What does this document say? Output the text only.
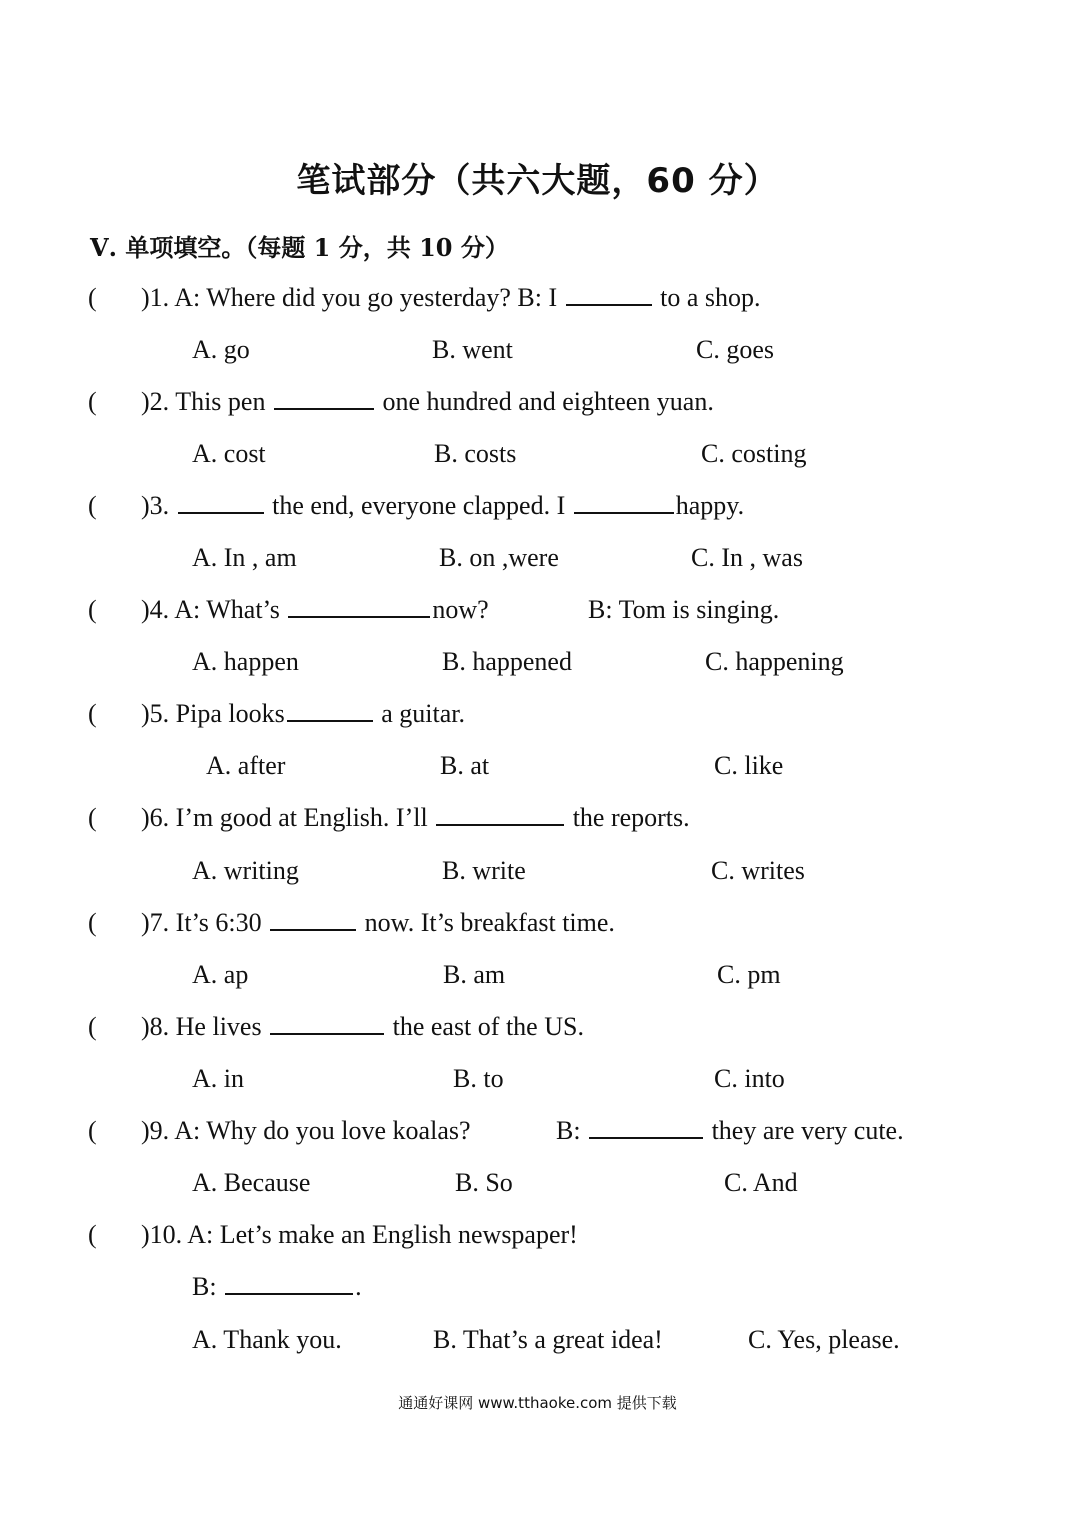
笔试部分（共六大题，60 分）
Ⅴ. 单项填空。（每题 1 分，共 10 分）
( )1. A: Where did you go yesterday? B: I	to a shop.
A. go	B. went	C. goes
( )2. This pen	one hundred and eighteen yuan.
A. cost	B. costs	C. costing
( )3.	the end, everyone clapped. I	happy.
A. In , am	B. on ,were	C. In , was
( )4. A: What’s	now?	B: Tom is singing.
A. happen	B. happened	C. happening
( )5. Pipa looks	a guitar.
A. after	B. at	C. like
( )6. I’m good at English. I’ll	the reports.
A. writing	B. write	C. writes
( )7. It’s 6:30	now. It’s breakfast time.
A. ap	B. am	C. pm
( )8. He lives	the east of the US.
A. in	B. to	C. into
( )9. A: Why do you love koalas?	B:	they are very cute.
A. Because	B. So	C. And
( )10. A: Let’s make an English newspaper!
B:	.
A. Thank you.	B. That’s a great idea!	C. Yes, please.
通通好课网 www.tthaoke.com 提供下载
